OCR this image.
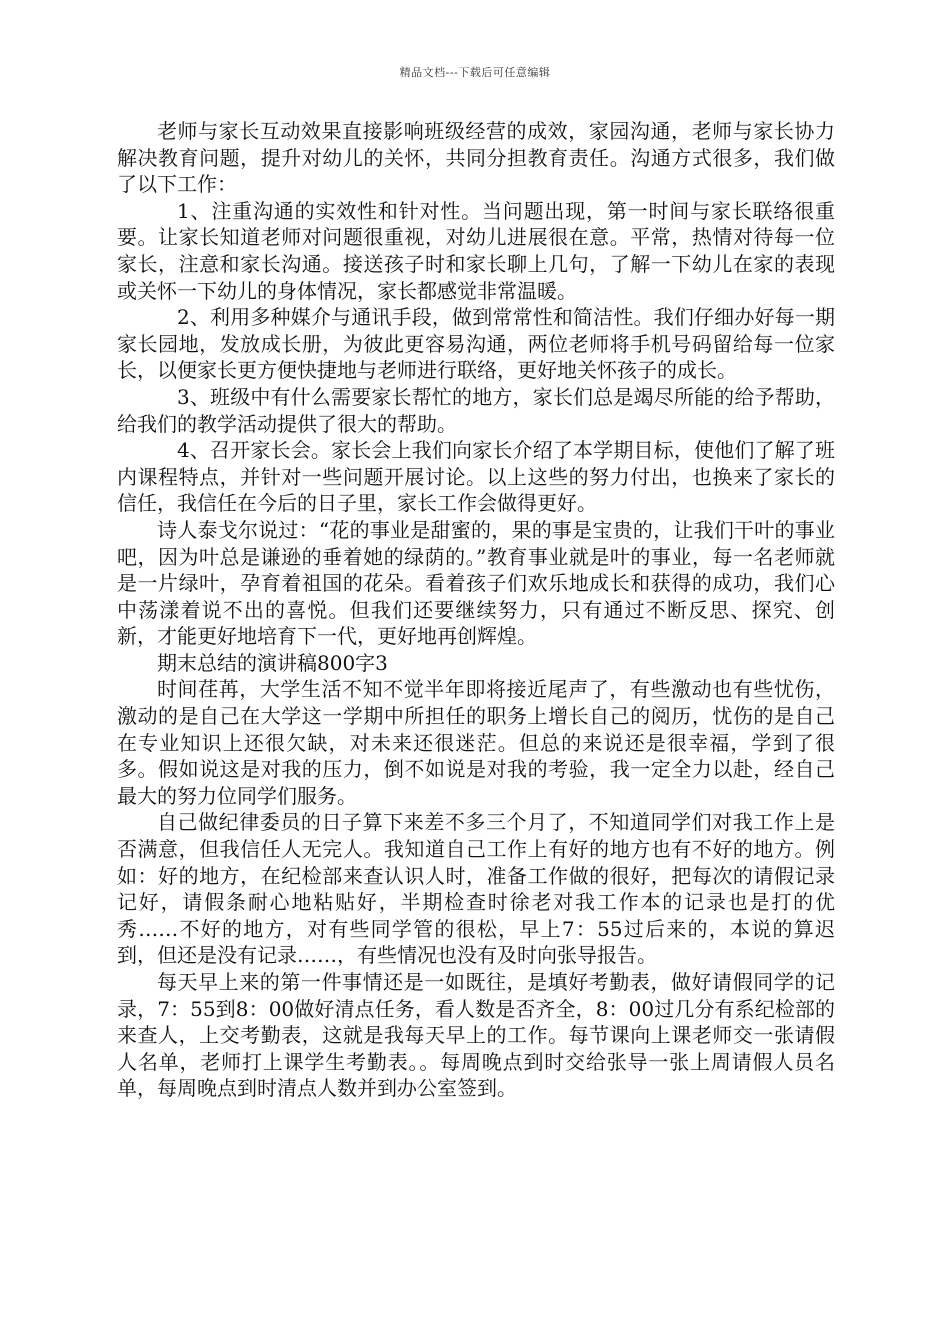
精品文档---下载后可任意编辑

老师与家长互动效果直接影响班级经营的成效，家园沟通，老师与家长协力解决教育问题，提升对幼儿的关怀，共同分担教育责任。沟通方式很多，我们做了以下工作：

1、注重沟通的实效性和针对性。当问题出现，第一时间与家长联络很重要。让家长知道老师对问题很重视，对幼儿进展很在意。平常，热情对待每一位家长，注意和家长沟通。接送孩子时和家长聊上几句，了解一下幼儿在家的表现或关怀一下幼儿的身体情况，家长都感觉非常温暖。

2、利用多种媒介与通讯手段，做到常常性和简洁性。我们仔细办好每一期家长园地，发放成长册，为彼此更容易沟通，两位老师将手机号码留给每一位家长，以便家长更方便快捷地与老师进行联络，更好地关怀孩子的成长。

3、班级中有什么需要家长帮忙的地方，家长们总是竭尽所能的给予帮助，给我们的教学活动提供了很大的帮助。

4、召开家长会。家长会上我们向家长介绍了本学期目标，使他们了解了班内课程特点，并针对一些问题开展讨论。以上这些的努力付出，也换来了家长的信任，我信任在今后的日子里，家长工作会做得更好。

诗人泰戈尔说过：“花的事业是甜蜜的，果的事是宝贵的，让我们干叶的事业吧，因为叶总是谦逊的垂着她的绿荫的。”教育事业就是叶的事业，每一名老师就是一片绿叶，孕育着祖国的花朵。看着孩子们欢乐地成长和获得的成功，我们心中荡漾着说不出的喜悦。但我们还要继续努力，只有通过不断反思、探究、创新，才能更好地培育下一代，更好地再创辉煌。

期末总结的演讲稿800字3

时间荏苒，大学生活不知不觉半年即将接近尾声了，有些激动也有些忧伤，激动的是自己在大学这一学期中所担任的职务上增长自己的阅历，忧伤的是自己在专业知识上还很欠缺，对未来还很迷茫。但总的来说还是很幸福，学到了很多。假如说这是对我的压力，倒不如说是对我的考验，我一定全力以赴，经自己最大的努力位同学们服务。

自己做纪律委员的日子算下来差不多三个月了，不知道同学们对我工作上是否满意，但我信任人无完人。我知道自己工作上有好的地方也有不好的地方。例如：好的地方，在纪检部来查认识人时，准备工作做的很好，把每次的请假记录记好，请假条耐心地粘贴好，半期检查时徐老对我工作本的记录也是打的优秀……不好的地方，对有些同学管的很松，早上7：55过后来的，本说的算迟到，但还是没有记录……，有些情况也没有及时向张导报告。

每天早上来的第一件事情还是一如既往，是填好考勤表，做好请假同学的记录，7：55到8：00做好清点任务，看人数是否齐全，8：00过几分有系纪检部的来查人，上交考勤表，这就是我每天早上的工作。每节课向上课老师交一张请假人名单，老师打上课学生考勤表。。每周晚点到时交给张导一张上周请假人员名单，每周晚点到时清点人数并到办公室签到。
